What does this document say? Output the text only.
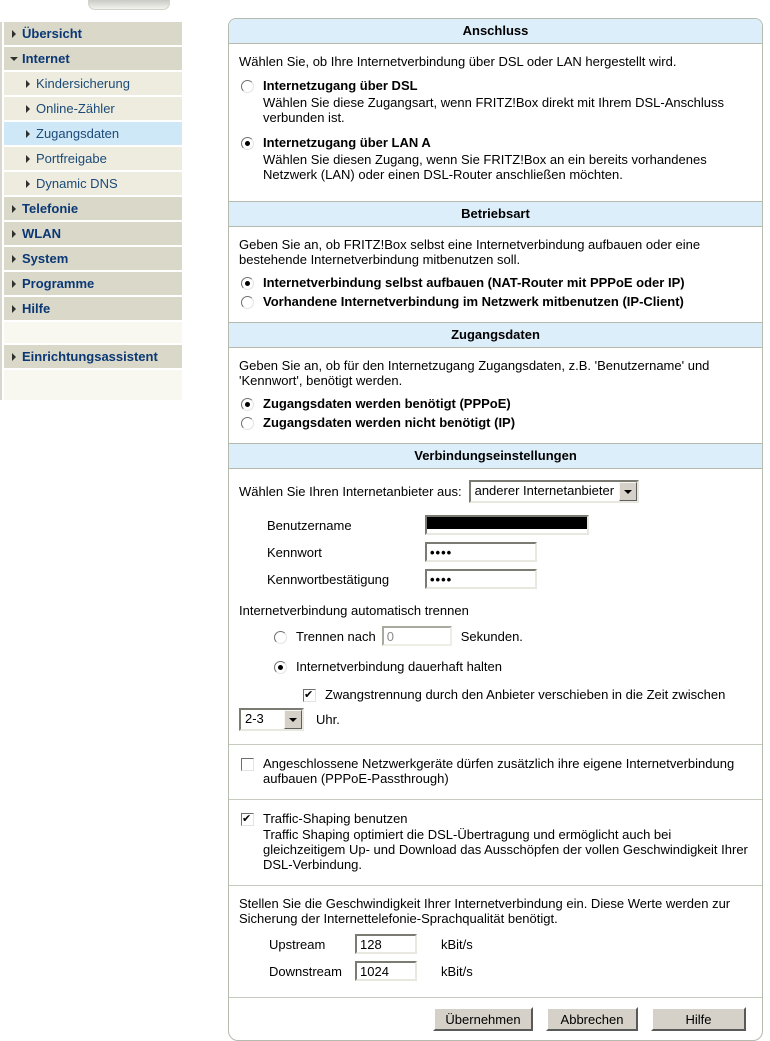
Übersicht
Internet
Kindersicherung
Online-Zähler
Zugangsdaten
Portfreigabe
Dynamic DNS
Telefonie
WLAN
System
Programme
Hilfe
Einrichtungsassistent
Anschluss
Wählen Sie, ob Ihre Internetverbindung über DSL oder LAN hergestellt wird.
Internetzugang über DSL
Wählen Sie diese Zugangsart, wenn FRITZ!Box direkt mit Ihrem DSL-Anschluss verbunden ist.
Internetzugang über LAN A
Wählen Sie diesen Zugang, wenn Sie FRITZ!Box an ein bereits vorhandenes Netzwerk (LAN) oder einen DSL-Router anschließen möchten.
Betriebsart
Geben Sie an, ob FRITZ!Box selbst eine Internetverbindung aufbauen oder eine bestehende Internetverbindung mitbenutzen soll.
Internetverbindung selbst aufbauen (NAT-Router mit PPPoE oder IP)
Vorhandene Internetverbindung im Netzwerk mitbenutzen (IP-Client)
Zugangsdaten
Geben Sie an, ob für den Internetzugang Zugangsdaten, z.B. 'Benutzername' und 'Kennwort', benötigt werden.
Zugangsdaten werden benötigt (PPPoE)
Zugangsdaten werden nicht benötigt (IP)
Verbindungseinstellungen
Wählen Sie Ihren Internetanbieter aus:	anderer Internetanbieter
Benutzername
Kennwort
••••
Kennwortbestätigung
••••
Internetverbindung automatisch trennen
Trennen nach
0	Sekunden.
Internetverbindung dauerhaft halten
✔
Zwangstrennung durch den Anbieter verschieben in die Zeit zwischen
2-3	Uhr.
Angeschlossene Netzwerkgeräte dürfen zusätzlich ihre eigene Internetverbindung aufbauen (PPPoE-Passthrough)
✔
Traffic-Shaping benutzen
Traffic Shaping optimiert die DSL-Übertragung und ermöglicht auch bei gleichzeitigem Up- und Download das Ausschöpfen der vollen Geschwindigkeit Ihrer DSL-Verbindung.
Stellen Sie die Geschwindigkeit Ihrer Internetverbindung ein. Diese Werte werden zur Sicherung der Internettelefonie-Sprachqualität benötigt.
Upstream
128	kBit/s
Downstream
1024	kBit/s
Übernehmen	Abbrechen	Hilfe
